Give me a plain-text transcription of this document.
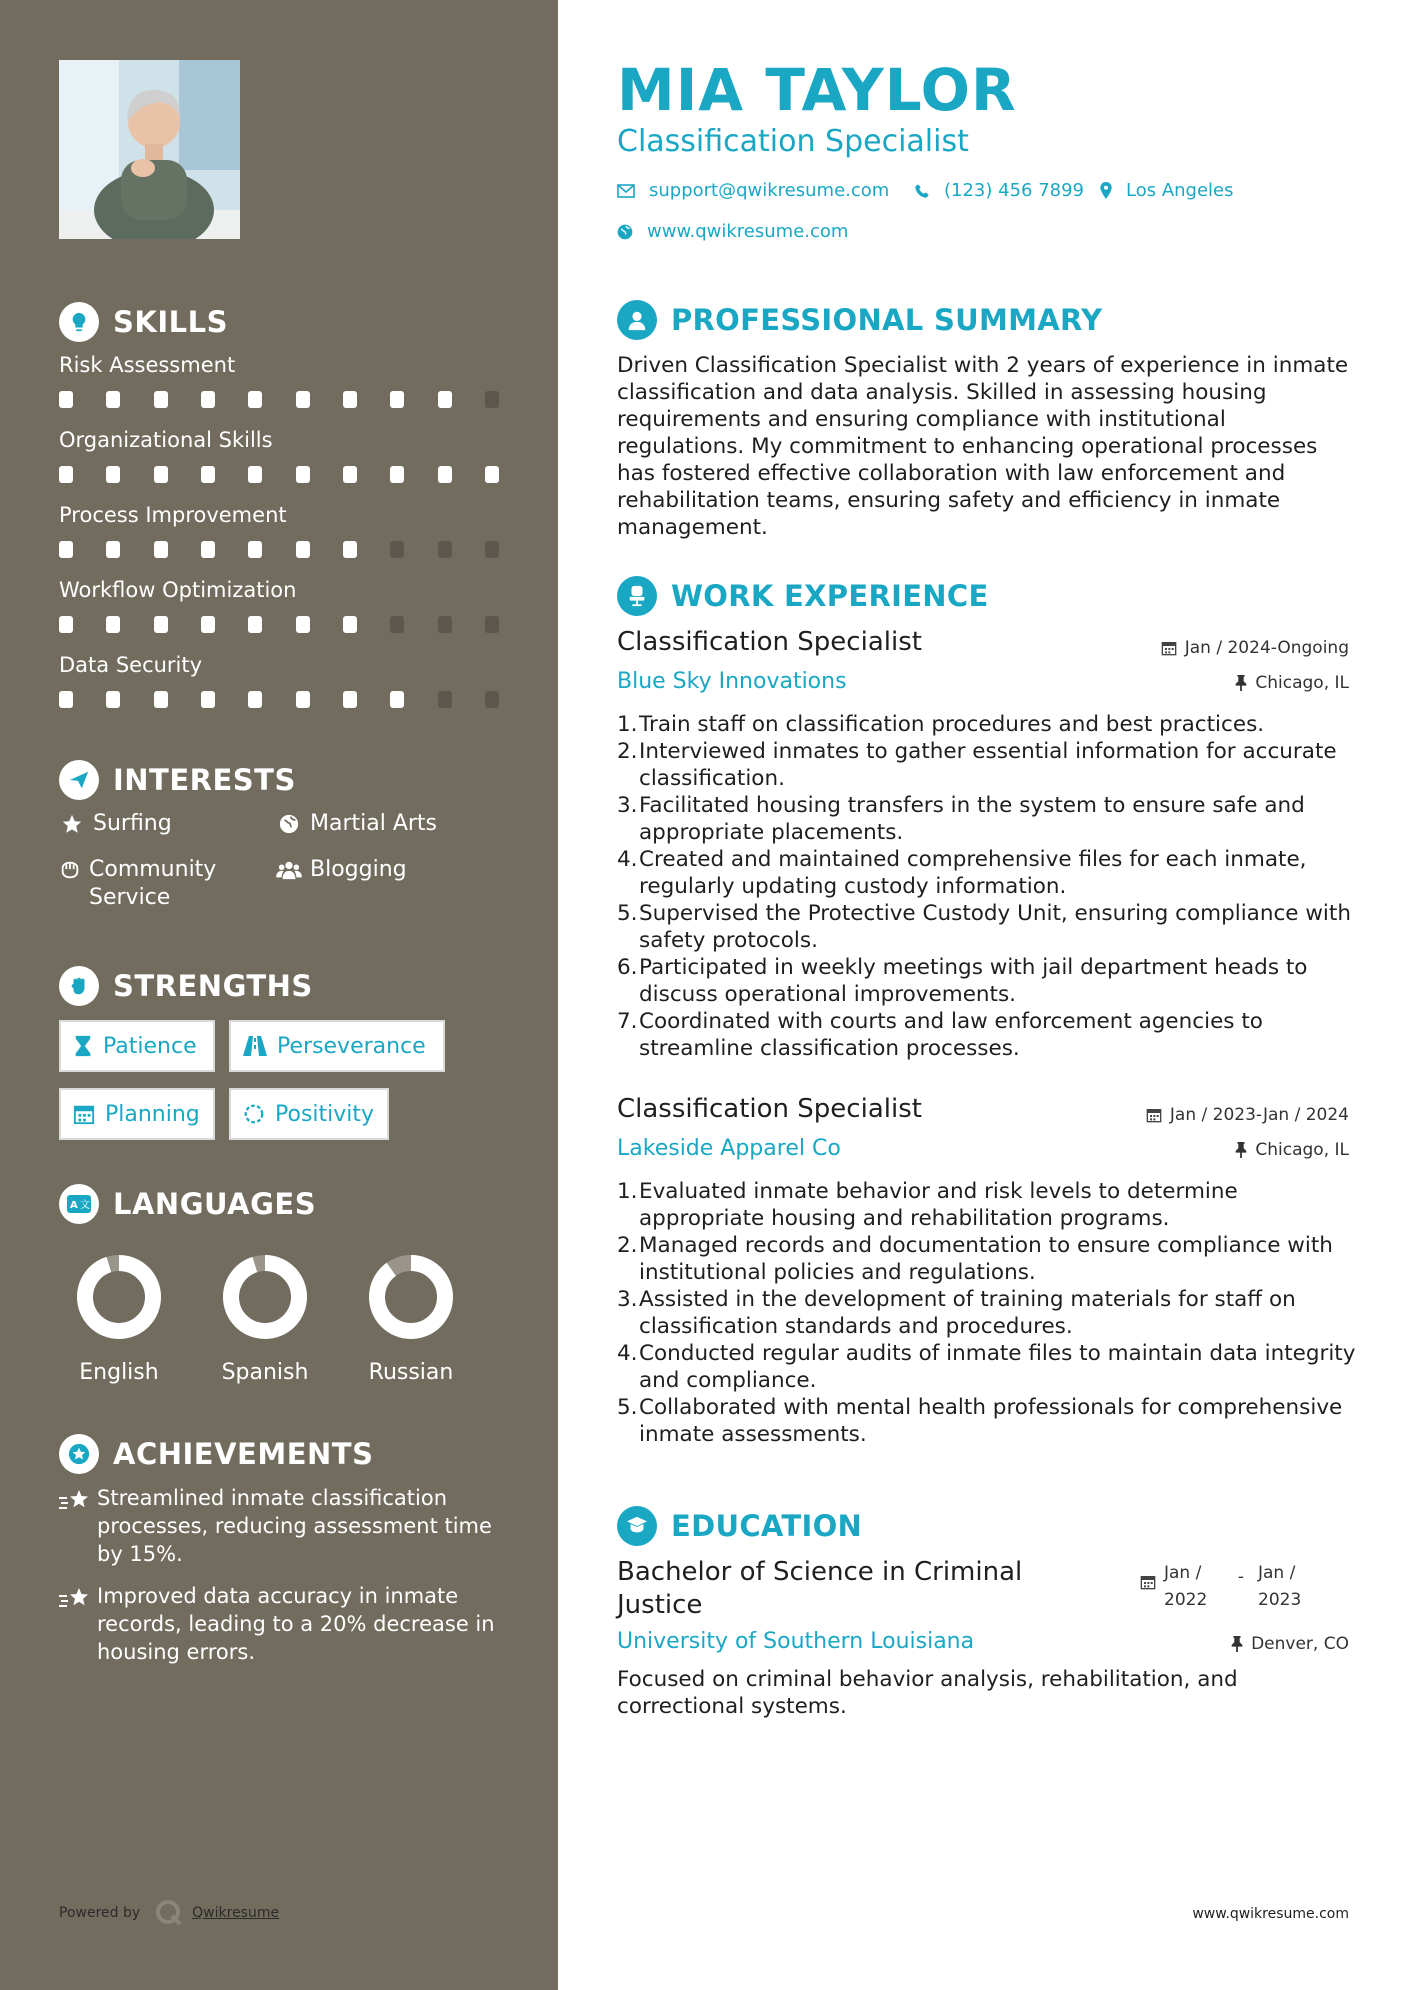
SKILLS
Risk Assessment
Organizational Skills
Process Improvement
Workflow Optimization
Data Security
INTERESTS
Surfing	Martial Arts
Community Service
Blogging
STRENGTHS
Patience	Perseverance
Planning	Positivity
A 文 LANGUAGES
English	Spanish	Russian
ACHIEVEMENTS
Streamlined inmate classification processes, reducing assessment time by 15%.
Improved data accuracy in inmate records, leading to a 20% decrease in housing errors.
Powered by	Qwikresume
MIA TAYLOR
Classification Specialist
support@qwikresume.com	(123) 456 7899 Los Angeles
www.qwikresume.com
PROFESSIONAL SUMMARY
Driven Classification Specialist with 2 years of experience in inmate classification and data analysis. Skilled in assessing housing requirements and ensuring compliance with institutional regulations. My commitment to enhancing operational processes has fostered effective collaboration with law enforcement and rehabilitation teams, ensuring safety and efficiency in inmate management.
WORK EXPERIENCE
Classification Specialist	Jan / 2024-Ongoing
Blue Sky Innovations	Chicago, IL
1. Train staff on classification procedures and best practices.
2. Interviewed inmates to gather essential information for accurate classification.
3. Facilitated housing transfers in the system to ensure safe and appropriate placements.
4. Created and maintained comprehensive files for each inmate, regularly updating custody information.
5. Supervised the Protective Custody Unit, ensuring compliance with safety protocols.
6. Participated in weekly meetings with jail department heads to discuss operational improvements.
7. Coordinated with courts and law enforcement agencies to streamline classification processes.
Classification Specialist	Jan / 2023-Jan / 2024
Lakeside Apparel Co	Chicago, IL
1. Evaluated inmate behavior and risk levels to determine appropriate housing and rehabilitation programs.
2. Managed records and documentation to ensure compliance with institutional policies and regulations.
3. Assisted in the development of training materials for staff on classification standards and procedures.
4. Conducted regular audits of inmate files to maintain data integrity and compliance.
5. Collaborated with mental health professionals for comprehensive inmate assessments.
EDUCATION
Bachelor of Science in Criminal Justice
Jan / 2022
- Jan / 2023
University of Southern Louisiana	Denver, CO
Focused on criminal behavior analysis, rehabilitation, and correctional systems.
www.qwikresume.com
